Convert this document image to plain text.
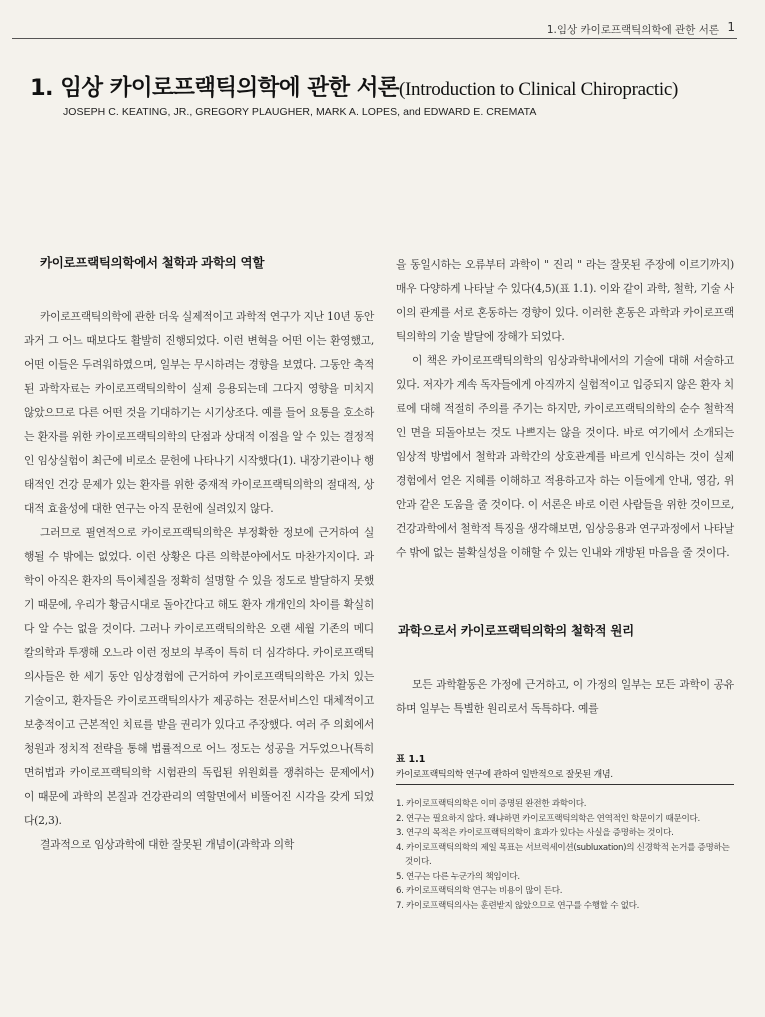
1.임상 카이로프랙틱의학에 관한 서론 1
1. 임상 카이로프랙틱의학에 관한 서론(Introduction to Clinical Chiropractic)
JOSEPH C. KEATING, JR., GREGORY PLAUGHER, MARK A. LOPES, and EDWARD E. CREMATA
카이로프랙틱의학에서 철학과 과학의 역할

카이로프랙틱의학에 관한 더욱 실제적이고 과학적 연구가 지난 10년 동안 과거 그 어느 때보다도 활발히 진행되었다. 이런 변혁을 어떤 이는 환영했고, 어떤 이들은 두려워하였으며, 일부는 무시하려는 경향을 보였다. 그동안 축적된 과학자료는 카이로프랙틱의학이 실제 응용되는데 그다지 영향을 미치지 않았으므로 다른 어떤 것을 기대하기는 시기상조다. 예를 들어 요통을 호소하는 환자를 위한 카이로프랙틱의학의 단점과 상대적 이점을 알 수 있는 결정적인 임상실험이 최근에 비로소 문헌에 나타나기 시작했다(1). 내장기관이나 행태적인 건강 문제가 있는 환자를 위한 중재적 카이로프랙틱의학의 절대적, 상대적 효율성에 대한 연구는 아직 문헌에 실려있지 않다.

그러므로 필연적으로 카이로프랙틱의학은 부정확한 정보에 근거하여 실행될 수 밖에는 없었다. 이런 상황은 다른 의학분야에서도 마찬가지이다. 과학이 아직은 환자의 특이체질을 정확히 설명할 수 있을 정도로 발달하지 못했기 때문에, 우리가 황금시대로 돌아간다고 해도 환자 개개인의 차이를 확실히 다 알 수는 없을 것이다. 그러나 카이로프랙틱의학은 오랜 세월 기존의 메디칼의학과 투쟁해 오느라 이런 정보의 부족이 특히 더 심각하다. 카이로프랙틱의사들은 한 세기 동안 임상경험에 근거하여 카이로프랙틱의학은 가치 있는 기술이고, 환자들은 카이로프랙틱의사가 제공하는 전문서비스인 대체적이고 보충적이고 근본적인 치료를 받을 권리가 있다고 주장했다. 여러 주 의회에서 청원과 정치적 전략을 통해 법률적으로 어느 정도는 성공을 거두었으나(특히 면허법과 카이로프랙틱의학 시험관의 독립된 위원회를 쟁취하는 문제에서) 이 때문에 과학의 본질과 건강관리의 역할면에서 비뚤어진 시각을 갖게 되었다(2,3).

결과적으로 임상과학에 대한 잘못된 개념이(과학과 의학

을 동일시하는 오류부터 과학이 " 진리 " 라는 잘못된 주장에 이르기까지)매우 다양하게 나타날 수 있다(4,5)(표 1.1). 이와 같이 과학, 철학, 기술 사이의 관계를 서로 혼동하는 경향이 있다. 이러한 혼동은 과학과 카이로프랙틱의학의 기술 발달에 장해가 되었다.

이 책은 카이로프랙틱의학의 임상과학내에서의 기술에 대해 서술하고 있다. 저자가 계속 독자들에게 아직까지 실험적이고 입증되지 않은 환자 치료에 대해 적절히 주의를 주기는 하지만, 카이로프랙틱의학의 순수 철학적인 면을 되돌아보는 것도 나쁘지는 않을 것이다. 바로 여기에서 소개되는 임상적 방법에서 철학과 과학간의 상호관계를 바르게 인식하는 것이 실제 경험에서 얻은 지혜를 이해하고 적용하고자 하는 이들에게 안내, 영감, 위안과 같은 도움을 줄 것이다. 이 서론은 바로 이런 사람들을 위한 것이므로, 건강과학에서 철학적 특징을 생각해보면, 임상응용과 연구과정에서 나타날 수 밖에 없는 불확실성을 이해할 수 있는 인내와 개방된 마음을 줄 것이다.

과학으로서 카이로프랙틱의학의 철학적 원리

모든 과학활동은 가정에 근거하고, 이 가정의 일부는 모든 과학이 공유하며 일부는 특별한 원리로서 독특하다. 예를

표 1.1
카이로프랙틱의학 연구에 관하여 일반적으로 잘못된 개념.
1. 카이로프랙틱의학은 이미 증명된 완전한 과학이다.
2. 연구는 필요하지 않다. 왜냐하면 카이로프랙틱의학은 연역적인 학문이기 때문이다.
3. 연구의 목적은 카이로프랙틱의학이 효과가 있다는 사실을 증명하는 것이다.
4. 카이로프랙틱의학의 제일 목표는 서브럭세이션(subluxation)의 신경학적 논거를 증명하는 것이다.
5. 연구는 다른 누군가의 책임이다.
6. 카이로프랙틱의학 연구는 비용이 많이 든다.
7. 카이로프랙틱의사는 훈련받지 않았으므로 연구를 수행할 수 없다.
